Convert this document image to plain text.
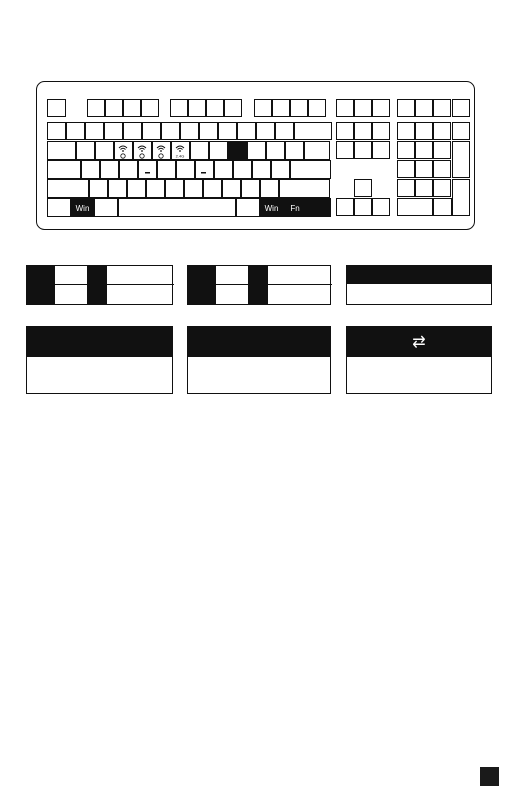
Win	Win Fn
2.4G
⇄
